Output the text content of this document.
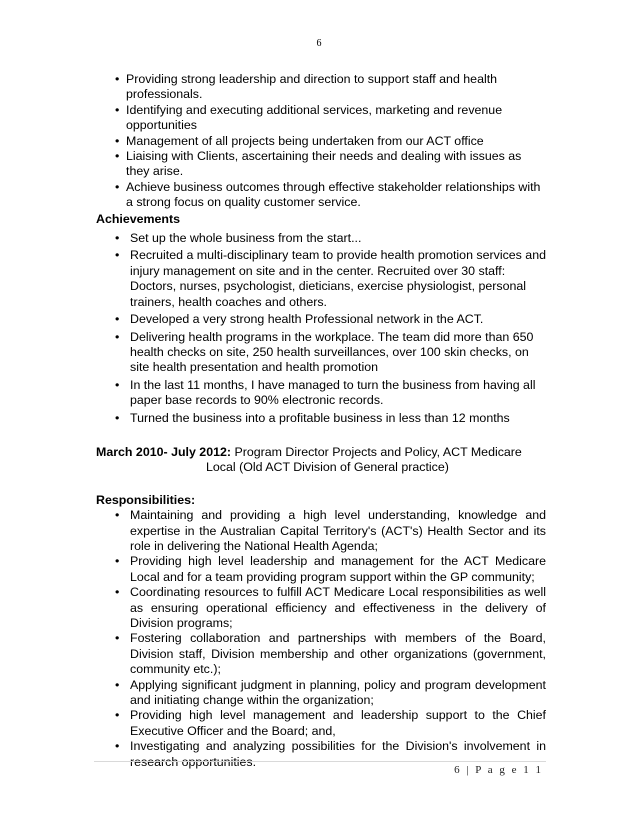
6
• Providing strong leadership and direction to support staff and health professionals.
• Identifying and executing additional services, marketing and revenue opportunities
• Management of all projects being undertaken from our ACT office
• Liaising with Clients, ascertaining their needs and dealing with issues as they arise.
• Achieve business outcomes through effective stakeholder relationships with a strong focus on quality customer service.
Achievements
• Set up the whole business from the start...
• Recruited a multi-disciplinary team to provide health promotion services and injury management on site and in the center. Recruited over 30 staff: Doctors, nurses, psychologist, dieticians, exercise physiologist, personal trainers, health coaches and others.
• Developed a very strong health Professional network in the ACT.
• Delivering health programs in the workplace. The team did more than 650 health checks on site, 250 health surveillances, over 100 skin checks, on site health presentation and health promotion
• In the last 11 months, I have managed to turn the business from having all paper base records to 90% electronic records.
• Turned the business into a profitable business in less than 12 months
March 2010- July 2012: Program Director Projects and Policy, ACT Medicare
Local (Old ACT Division of General practice)
Responsibilities:
• Maintaining and providing a high level understanding, knowledge and expertise in the Australian Capital Territory's (ACT's) Health Sector and its role in delivering the National Health Agenda;
• Providing high level leadership and management for the ACT Medicare Local and for a team providing program support within the GP community;
• Coordinating resources to fulfill ACT Medicare Local responsibilities as well as ensuring operational efficiency and effectiveness in the delivery of Division programs;
• Fostering collaboration and partnerships with members of the Board, Division staff, Division membership and other organizations (government, community etc.);
• Applying significant judgment in planning, policy and program development and initiating change within the organization;
• Providing high level management and leadership support to the Chief Executive Officer and the Board; and,
• Investigating and analyzing possibilities for the Division's involvement in research opportunities.
6 | P a g e 1 1
